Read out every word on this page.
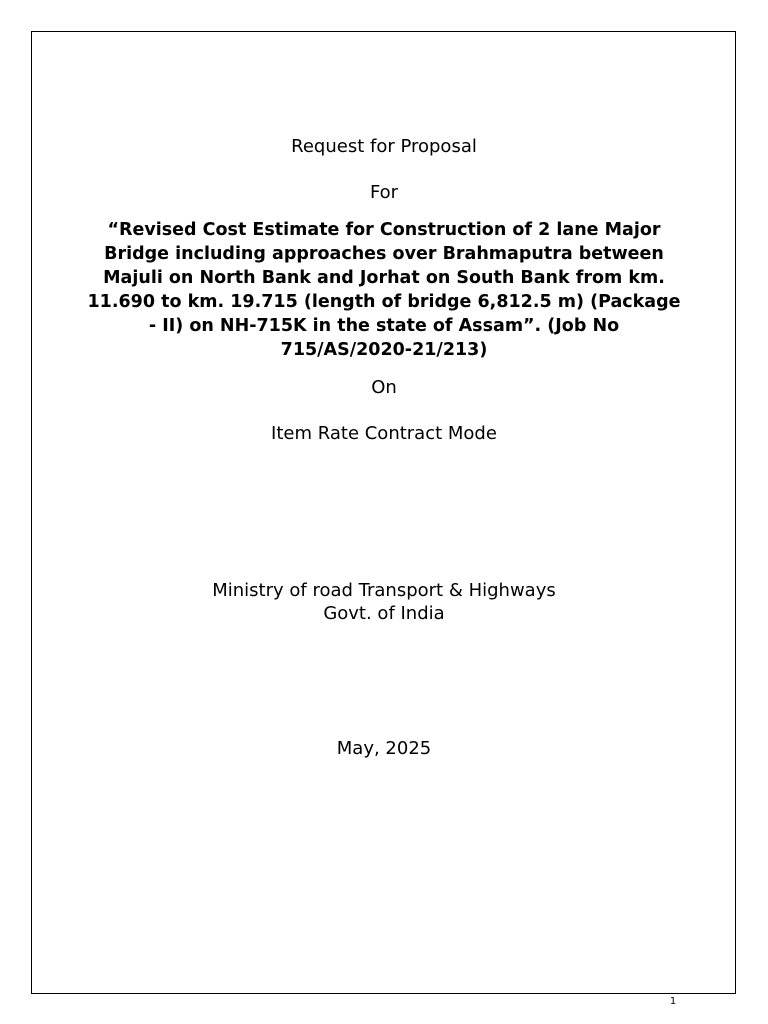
Request for Proposal
For
“Revised Cost Estimate for Construction of 2 lane Major
Bridge including approaches over Brahmaputra between
Majuli on North Bank and Jorhat on South Bank from km.
11.690 to km. 19.715 (length of bridge 6,812.5 m) (Package
- II) on NH-715K in the state of Assam”. (Job No
715/AS/2020-21/213)
On
Item Rate Contract Mode
Ministry of road Transport & Highways
Govt. of India
May, 2025
1
